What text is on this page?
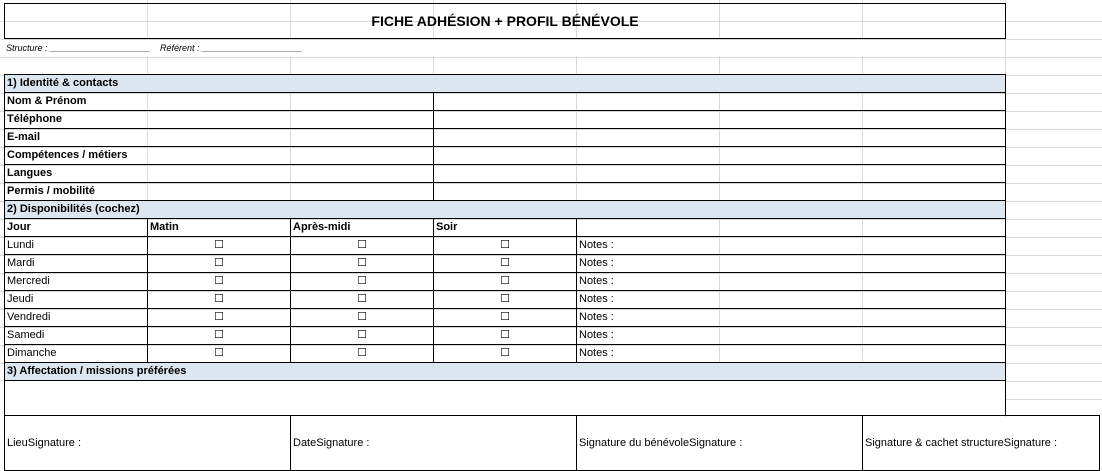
FICHE ADHÉSION + PROFIL BÉNÉVOLE
Structure : ____________________	Référent : ____________________
1) Identité & contacts
Nom & Prénom
Téléphone
E-mail
Compétences / métiers
Langues
Permis / mobilité
2) Disponibilités (cochez)
Jour	Matin	Après-midi	Soir
Lundi	☐	☐	☐	Notes :
Mardi	☐	☐	☐	Notes :
Mercredi	☐	☐	☐	Notes :
Jeudi	☐	☐	☐	Notes :
Vendredi	☐	☐	☐	Notes :
Samedi	☐	☐	☐	Notes :
Dimanche	☐	☐	☐	Notes :
3) Affectation / missions préférées
LieuSignature :	DateSignature :	Signature du bénévoleSignature :	Signature & cachet structureSignature :
